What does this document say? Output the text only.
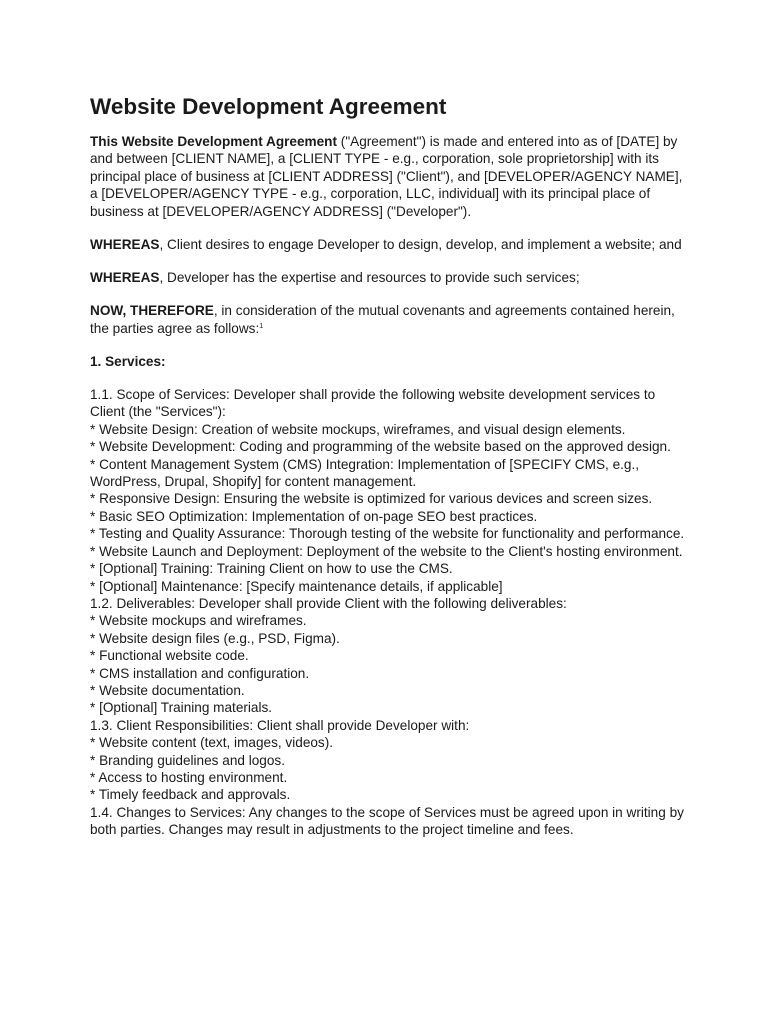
Website Development Agreement

This Website Development Agreement ("Agreement") is made and entered into as of [DATE] by and between [CLIENT NAME], a [CLIENT TYPE - e.g., corporation, sole proprietorship] with its principal place of business at [CLIENT ADDRESS] ("Client"), and [DEVELOPER/AGENCY NAME], a [DEVELOPER/AGENCY TYPE - e.g., corporation, LLC, individual] with its principal place of business at [DEVELOPER/AGENCY ADDRESS] ("Developer").

WHEREAS, Client desires to engage Developer to design, develop, and implement a website; and

WHEREAS, Developer has the expertise and resources to provide such services;

NOW, THEREFORE, in consideration of the mutual covenants and agreements contained herein, the parties agree as follows:$^1$

1. Services:

1.1. Scope of Services: Developer shall provide the following website development services to Client (the "Services"):

* Website Design: Creation of website mockups, wireframes, and visual design elements.

* Website Development: Coding and programming of the website based on the approved design.

* Content Management System (CMS) Integration: Implementation of [SPECIFY CMS, e.g., WordPress, Drupal, Shopify] for content management.

* Responsive Design: Ensuring the website is optimized for various devices and screen sizes.

* Basic SEO Optimization: Implementation of on-page SEO best practices.

* Testing and Quality Assurance: Thorough testing of the website for functionality and performance.

* Website Launch and Deployment: Deployment of the website to the Client's hosting environment.

* [Optional] Training: Training Client on how to use the CMS.

* [Optional] Maintenance: [Specify maintenance details, if applicable]

1.2. Deliverables: Developer shall provide Client with the following deliverables:

* Website mockups and wireframes.

* Website design files (e.g., PSD, Figma).

* Functional website code.

* CMS installation and configuration.

* Website documentation.

* [Optional] Training materials.

1.3. Client Responsibilities: Client shall provide Developer with:

* Website content (text, images, videos).

* Branding guidelines and logos.

* Access to hosting environment.

* Timely feedback and approvals.

1.4. Changes to Services: Any changes to the scope of Services must be agreed upon in writing by both parties. Changes may result in adjustments to the project timeline and fees.
